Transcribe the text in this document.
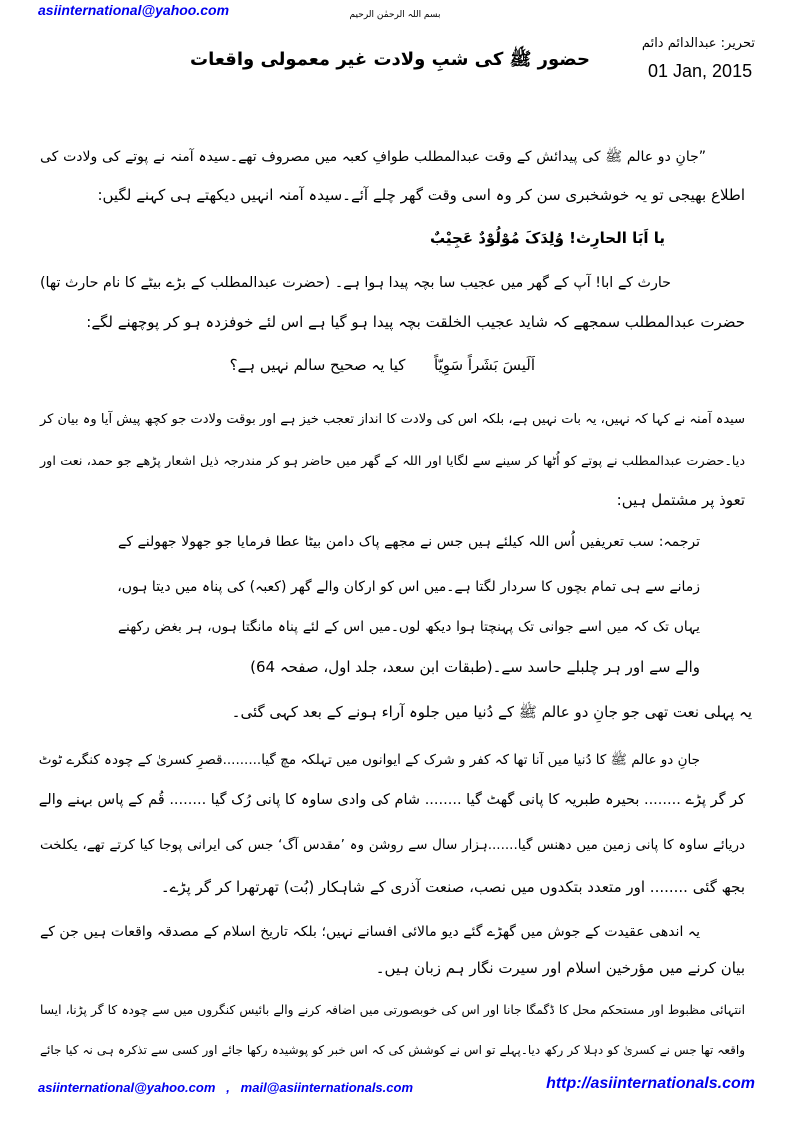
asiinternational@yahoo.com	بسم اللہ الرحمٰن الرحیم
تحریر: عبدالدائم دائم
01 Jan, 2015
حضور ﷺ کی شبِ ولادت غیر معمولی واقعات
”جانِ دو عالم ﷺ کی پیدائش کے وقت عبدالمطلب طوافِ کعبہ میں مصروف تھے۔سیدہ آمنہ نے پوتے کی ولادت کی
اطلاع بھیجی تو یہ خوشخبری سن کر وہ اسی وقت گھر چلے آئے۔سیدہ آمنہ انہیں دیکھتے ہی کہنے لگیں:
یا اَبَا الحارِث! وُلِدَکَ مُوْلُوْدٌ عَجِیْبٌ
حارث کے ابا! آپ کے گھر میں عجیب سا بچہ پیدا ہوا ہے۔ (حضرت عبدالمطلب کے بڑے بیٹے کا نام حارث تھا)
حضرت عبدالمطلب سمجھے کہ شاید عجیب الخلقت بچہ پیدا ہو گیا ہے اس لئے خوفزدہ ہو کر پوچھنے لگے:
اَلَیسَ بَشَراً سَوِیّاً      کیا یہ صحیح سالم نہیں ہے؟
سیدہ آمنہ نے کہا کہ نہیں، یہ بات نہیں ہے، بلکہ اس کی ولادت کا انداز تعجب خیز ہے اور بوقت ولادت جو کچھ پیش آیا وہ بیان کر
دیا۔حضرت عبدالمطلب نے پوتے کو اُٹھا کر سینے سے لگایا اور اللہ کے گھر میں حاضر ہو کر مندرجہ ذیل اشعار پڑھے جو حمد، نعت اور
تعوذ پر مشتمل ہیں:
ترجمہ: سب تعریفیں اُس اللہ کیلئے ہیں جس نے مجھے پاک دامن بیٹا عطا فرمایا جو جھولا جھولنے کے
زمانے سے ہی تمام بچوں کا سردار لگتا ہے۔میں اس کو ارکان والے گھر (کعبہ) کی پناہ میں دیتا ہوں،
یہاں تک کہ میں اسے جوانی تک پہنچتا ہوا دیکھ لوں۔میں اس کے لئے پناہ مانگتا ہوں، ہر بغض رکھنے
والے سے اور ہر چلبلے حاسد سے۔(طبقات ابن سعد، جلد اول، صفحہ 64)
یہ پہلی نعت تھی جو جانِ دو عالم ﷺ کے دُنیا میں جلوہ آراء ہونے کے بعد کہی گئی۔
جانِ دو عالم ﷺ کا دُنیا میں آنا تھا کہ کفر و شرک کے ایوانوں میں تہلکہ مچ گیا.........قصرِ کسریٰ کے چودہ کنگرے ٹوٹ
کر گر پڑے ........ بحیرہ طبریہ کا پانی گھٹ گیا ........ شام کی وادی ساوہ کا پانی رُک گیا ........ قُم کے پاس بہنے والے
دریائے ساوہ کا پانی زمین میں دھنس گیا.......ہزار سال سے روشن وہ ’مقدس آگ‘ جس کی ایرانی پوجا کیا کرتے تھے، یکلخت
بجھ گئی ........ اور متعدد بتکدوں میں نصب، صنعت آذری کے شاہکار (بُت) تھرتھرا کر گر پڑے۔
یہ اندھی عقیدت کے جوش میں گھڑے گئے دیو مالائی افسانے نہیں؛ بلکہ تاریخ اسلام کے مصدقہ واقعات ہیں جن کے
بیان کرنے میں مؤرخین اسلام اور سیرت نگار ہم زبان ہیں۔
انتہائی مظبوط اور مستحکم محل کا ڈگمگا جانا اور اس کی خوبصورتی میں اضافہ کرنے والے بائیس کنگروں میں سے چودہ کا گر پڑنا، ایسا
واقعہ تھا جس نے کسریٰ کو دہلا کر رکھ دیا۔پہلے تو اس نے کوشش کی کہ اس خبر کو پوشیدہ رکھا جائے اور کسی سے تذکرہ ہی نہ کیا جائے
asiinternational@yahoo.com   ,   mail@asiinternationals.com	http://asiinternationals.com
